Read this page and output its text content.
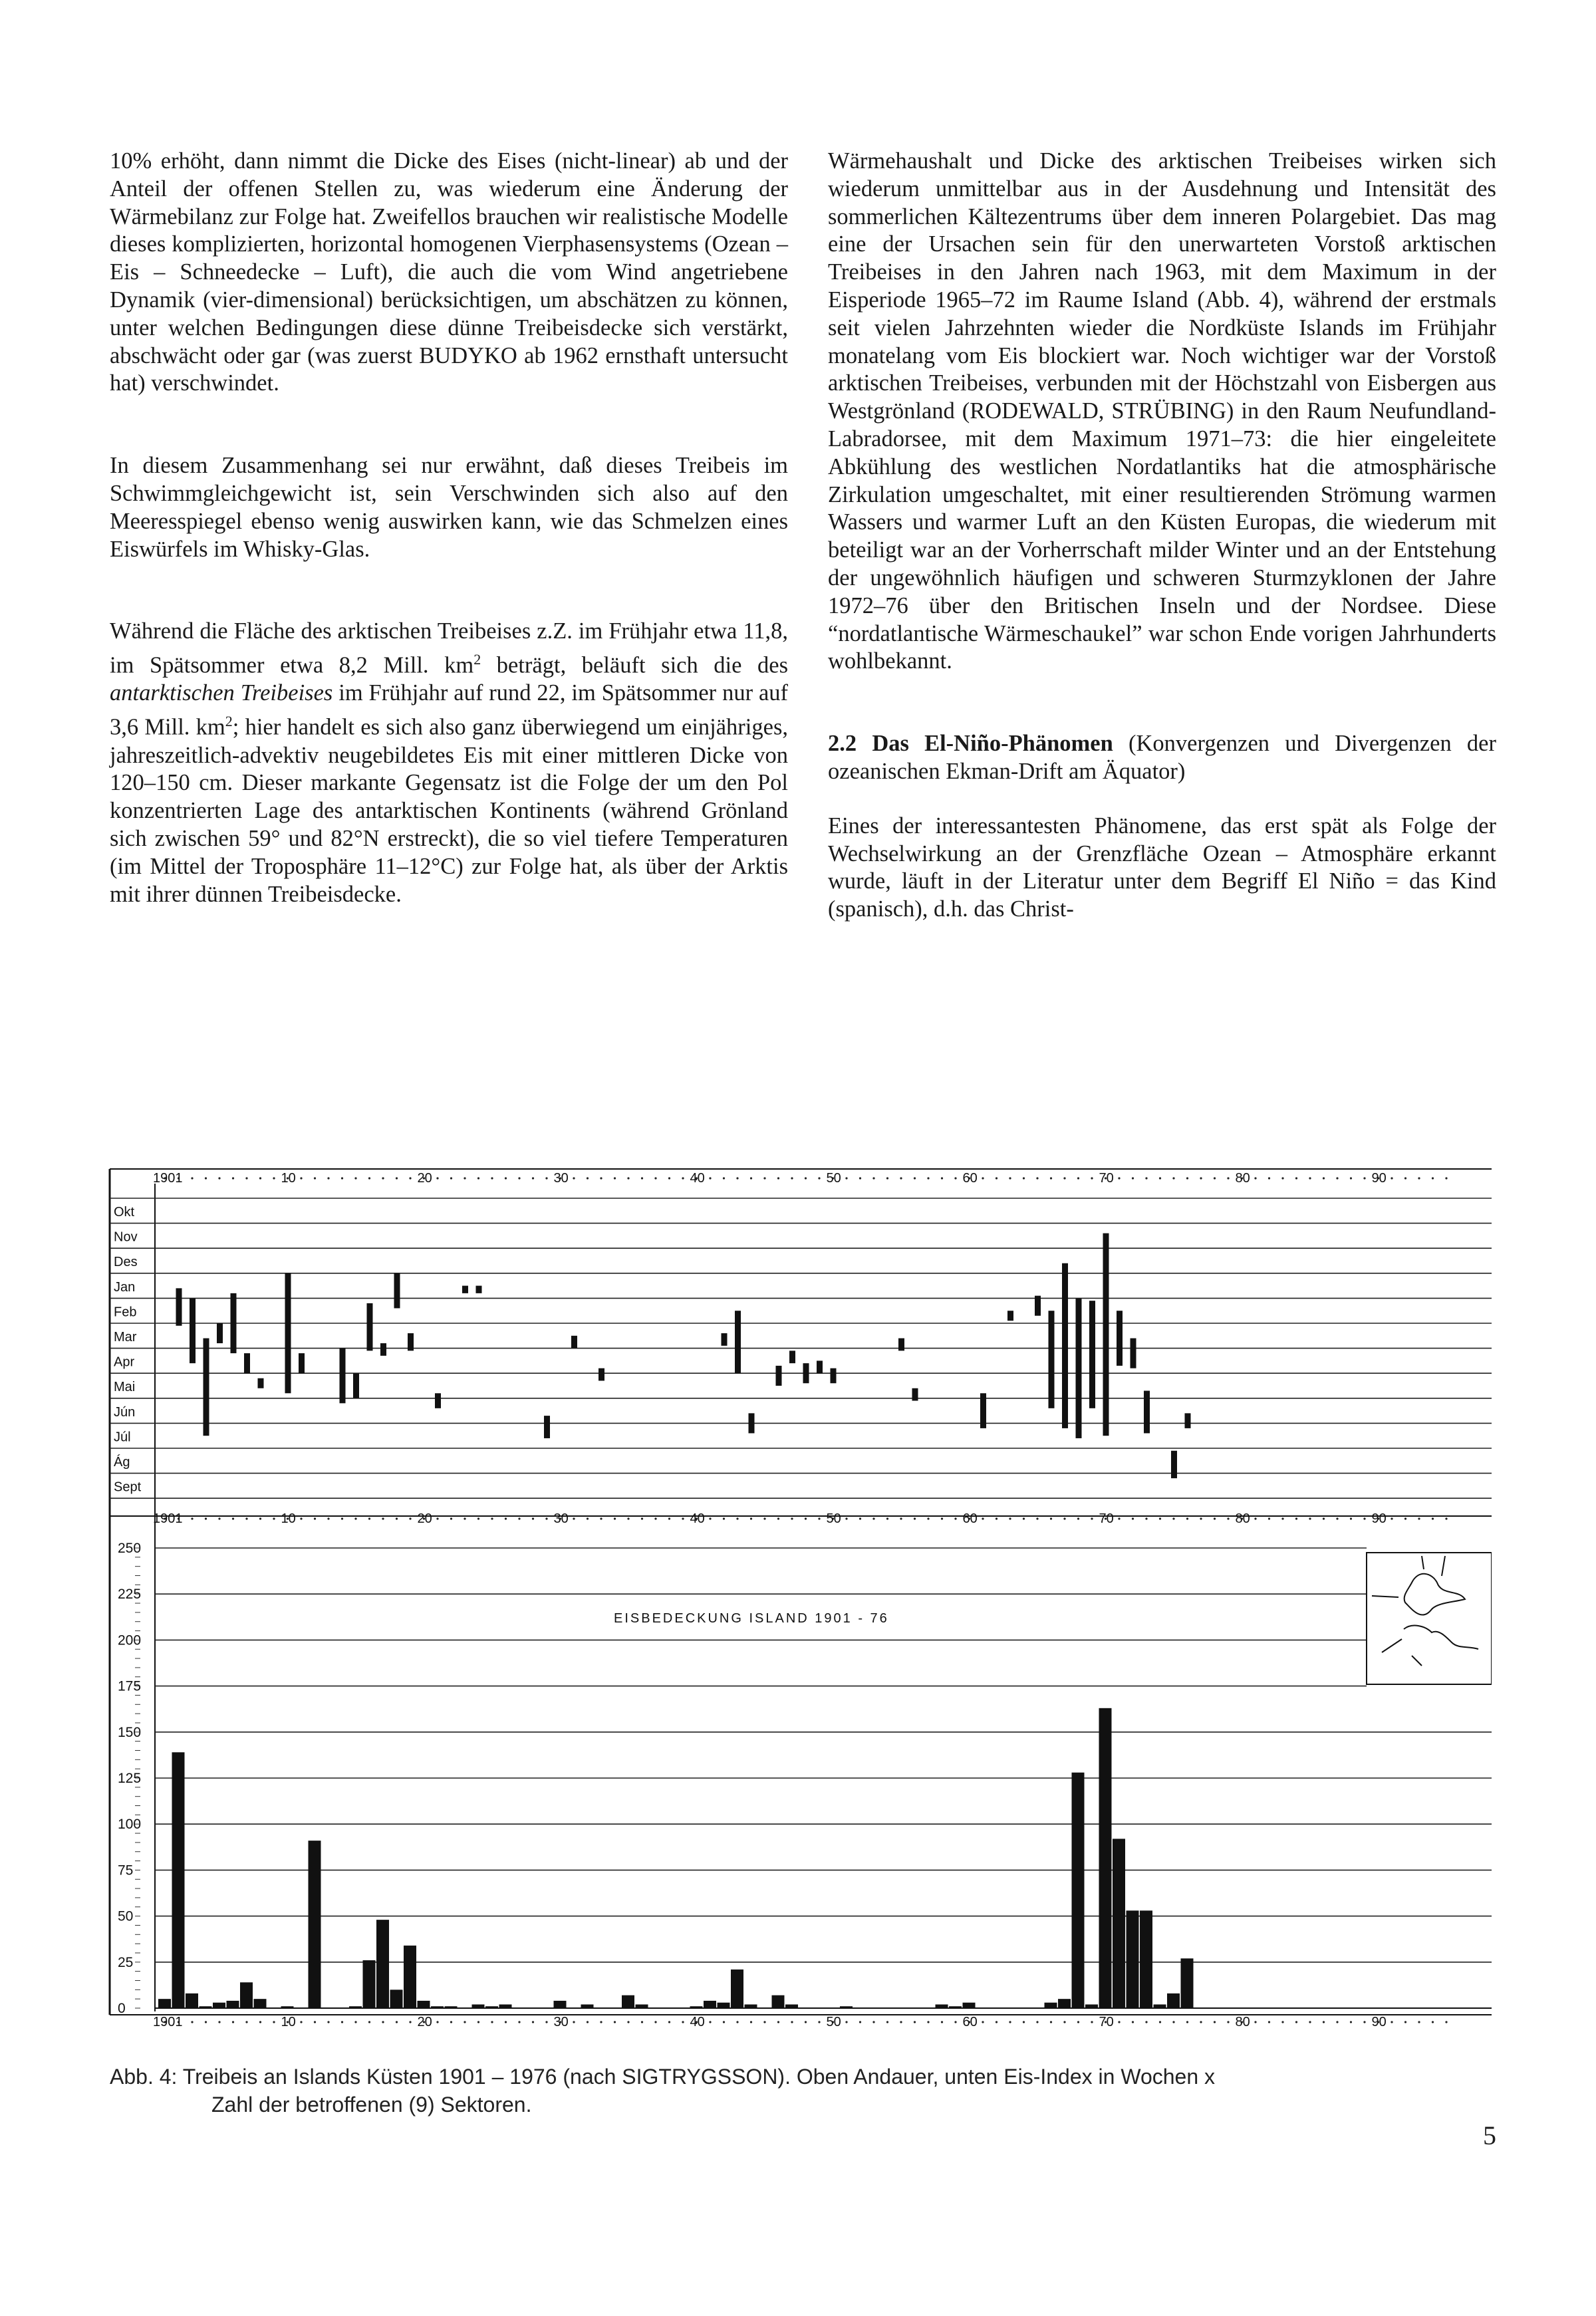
10% erhöht, dann nimmt die Dicke des Eises (nicht-linear) ab und der Anteil der offenen Stellen zu, was wiederum eine Änderung der Wärmebilanz zur Folge hat. Zweifellos brauchen wir realistische Modelle dieses komplizierten, horizontal homogenen Vierphasensystems (Ozean – Eis – Schneedecke – Luft), die auch die vom Wind angetriebene Dynamik (vier-dimensional) berücksichtigen, um abschätzen zu können, unter welchen Bedingungen diese dünne Treibeisdecke sich verstärkt, abschwächt oder gar (was zuerst BUDYKO ab 1962 ernsthaft untersucht hat) verschwindet.

In diesem Zusammenhang sei nur erwähnt, daß dieses Treibeis im Schwimmgleichgewicht ist, sein Verschwinden sich also auf den Meeresspiegel ebenso wenig auswirken kann, wie das Schmelzen eines Eiswürfels im Whisky-Glas.

Während die Fläche des arktischen Treibeises z.Z. im Frühjahr etwa 11,8, im Spätsommer etwa 8,2 Mill. $km^2$ beträgt, beläuft sich die des antarktischen Treibeises im Frühjahr auf rund 22, im Spätsommer nur auf 3,6 Mill. $km^2$; hier handelt es sich also ganz überwiegend um einjähriges, jahreszeitlich-advektiv neugebildetes Eis mit einer mittleren Dicke von 120–150 cm. Dieser markante Gegensatz ist die Folge der um den Pol konzentrierten Lage des antarktischen Kontinents (während Grönland sich zwischen 59° und 82°N erstreckt), die so viel tiefere Temperaturen (im Mittel der Troposphäre 11–12°C) zur Folge hat, als über der Arktis mit ihrer dünnen Treibeisdecke.

Wärmehaushalt und Dicke des arktischen Treibeises wirken sich wiederum unmittelbar aus in der Ausdehnung und Intensität des sommerlichen Kältezentrums über dem inneren Polargebiet. Das mag eine der Ursachen sein für den unerwarteten Vorstoß arktischen Treibeises in den Jahren nach 1963, mit dem Maximum in der Eisperiode 1965–72 im Raume Island (Abb. 4), während der erstmals seit vielen Jahrzehnten wieder die Nordküste Islands im Frühjahr monatelang vom Eis blockiert war. Noch wichtiger war der Vorstoß arktischen Treibeises, verbunden mit der Höchstzahl von Eisbergen aus Westgrönland (RODEWALD, STRÜBING) in den Raum Neufundland-Labradorsee, mit dem Maximum 1971–73: die hier eingeleitete Abkühlung des westlichen Nordatlantiks hat die atmosphärische Zirkulation umgeschaltet, mit einer resultierenden Strömung warmen Wassers und warmer Luft an den Küsten Europas, die wiederum mit beteiligt war an der Vorherrschaft milder Winter und an der Entstehung der ungewöhnlich häufigen und schweren Sturmzyklonen der Jahre 1972–76 über den Britischen Inseln und der Nordsee. Diese “nordatlantische Wärmeschaukel” war schon Ende vorigen Jahrhunderts wohlbekannt.

2.2 Das El-Niño-Phänomen (Konvergenzen und Divergenzen der ozeanischen Ekman-Drift am Äquator)

Eines der interessantesten Phänomene, das erst spät als Folge der Wechselwirkung an der Grenzfläche Ozean – Atmosphäre erkannt wurde, läuft in der Literatur unter dem Begriff El Niño = das Kind (spanisch), d.h. das Christ-

Okt
Nov
Des
Jan
Feb
Mar
Apr
Mai
Jún
Júl
Ág
Sept
1901	10	20	30	40	50	60	70	80	90
1901	10	20	30	40	50	60	70	80	90
1901	10	20	30	40	50	60	70	80	90
250
225
200
175
150
125
100
75
50
25
0
EISBEDECKUNG ISLAND 1901 - 76
Abb. 4: Treibeis an Islands Küsten 1901 – 1976 (nach SIGTRYGSSON). Oben Andauer, unten Eis-Index in Wochen x
Zahl der betroffenen (9) Sektoren.
5
